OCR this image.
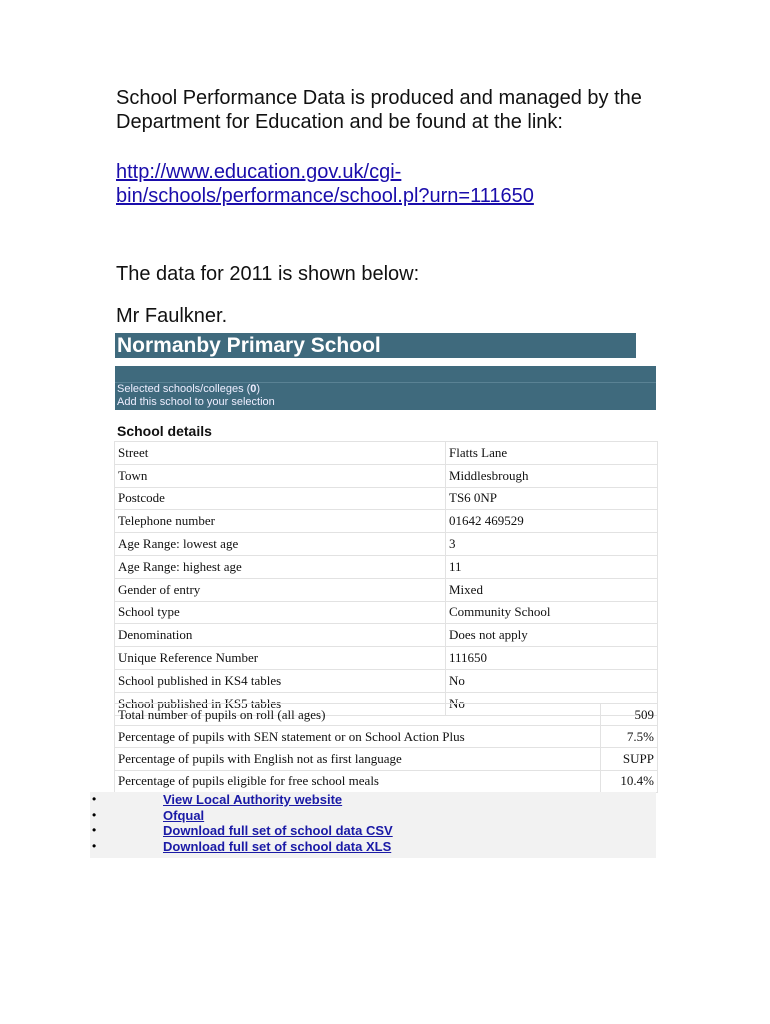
School Performance Data is produced and managed by the Department for Education and be found at the link:

http://www.education.gov.uk/cgi-
bin/schools/performance/school.pl?urn=111650

The data for 2011 is shown below:

Mr Faulkner.

Normanby Primary School
Selected schools/colleges (0)
Add this school to your selection
School details
Street	Flatts Lane
Town	Middlesbrough
Postcode	TS6 0NP
Telephone number	01642 469529
Age Range: lowest age	3
Age Range: highest age	11
Gender of entry	Mixed
School type	Community School
Denomination	Does not apply
Unique Reference Number	111650
School published in KS4 tables	No
School published in KS5 tables	No
Total number of pupils on roll (all ages)	509
Percentage of pupils with SEN statement or on School Action Plus	7.5%
Percentage of pupils with English not as first language	SUPP
Percentage of pupils eligible for free school meals	10.4%
•	View Local Authority website
•	Ofqual
•	Download full set of school data CSV
•	Download full set of school data XLS
